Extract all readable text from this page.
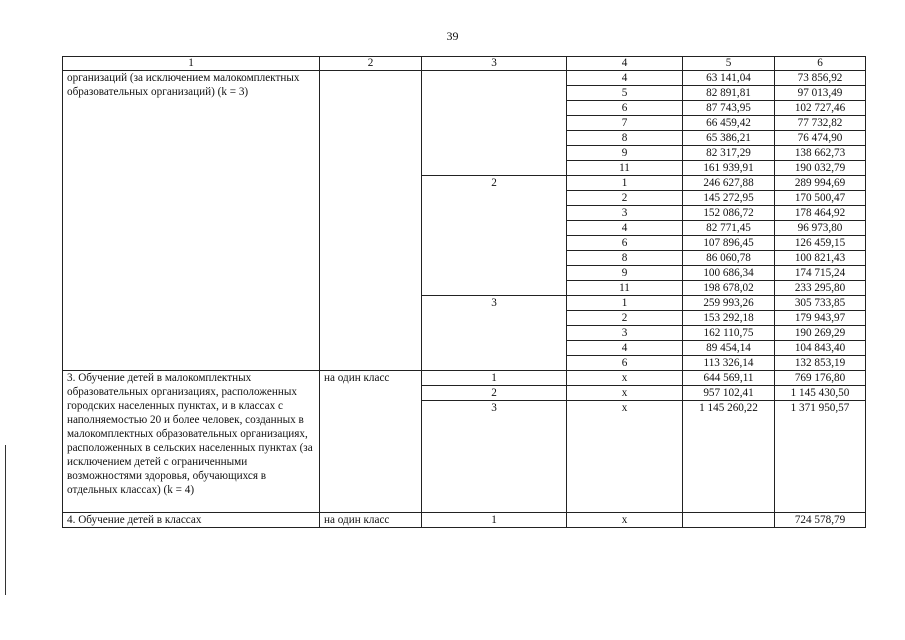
39
1	2	3	4	5	6
организаций (за исключением малокомплектных образовательных организаций) (k = 3)			4	63 141,04	73 856,92
			5	82 891,81	97 013,49
			6	87 743,95	102 727,46
			7	66 459,42	77 732,82
			8	65 386,21	76 474,90
			9	82 317,29	138 662,73
			11	161 939,91	190 032,79
		2	1	246 627,88	289 994,69
			2	145 272,95	170 500,47
			3	152 086,72	178 464,92
			4	82 771,45	96 973,80
			6	107 896,45	126 459,15
			8	86 060,78	100 821,43
			9	100 686,34	174 715,24
			11	198 678,02	233 295,80
		3	1	259 993,26	305 733,85
			2	153 292,18	179 943,97
			3	162 110,75	190 269,29
			4	89 454,14	104 843,40
			6	113 326,14	132 853,19
3. Обучение детей в малокомплектных образовательных организациях, расположенных городских населенных пунктах, и в классах с наполняемостью 20 и более человек, созданных в малокомплектных образовательных организациях, расположенных в сельских населенных пунктах (за исключением детей с ограниченными возможностями здоровья, обучающихся в отдельных классах) (k = 4)	на один класс	1	х	644 569,11	769 176,80
		2	х	957 102,41	1 145 430,50
		3	х	1 145 260,22	1 371 950,57
4. Обучение детей в классах	на один класс	1	х		724 578,79
